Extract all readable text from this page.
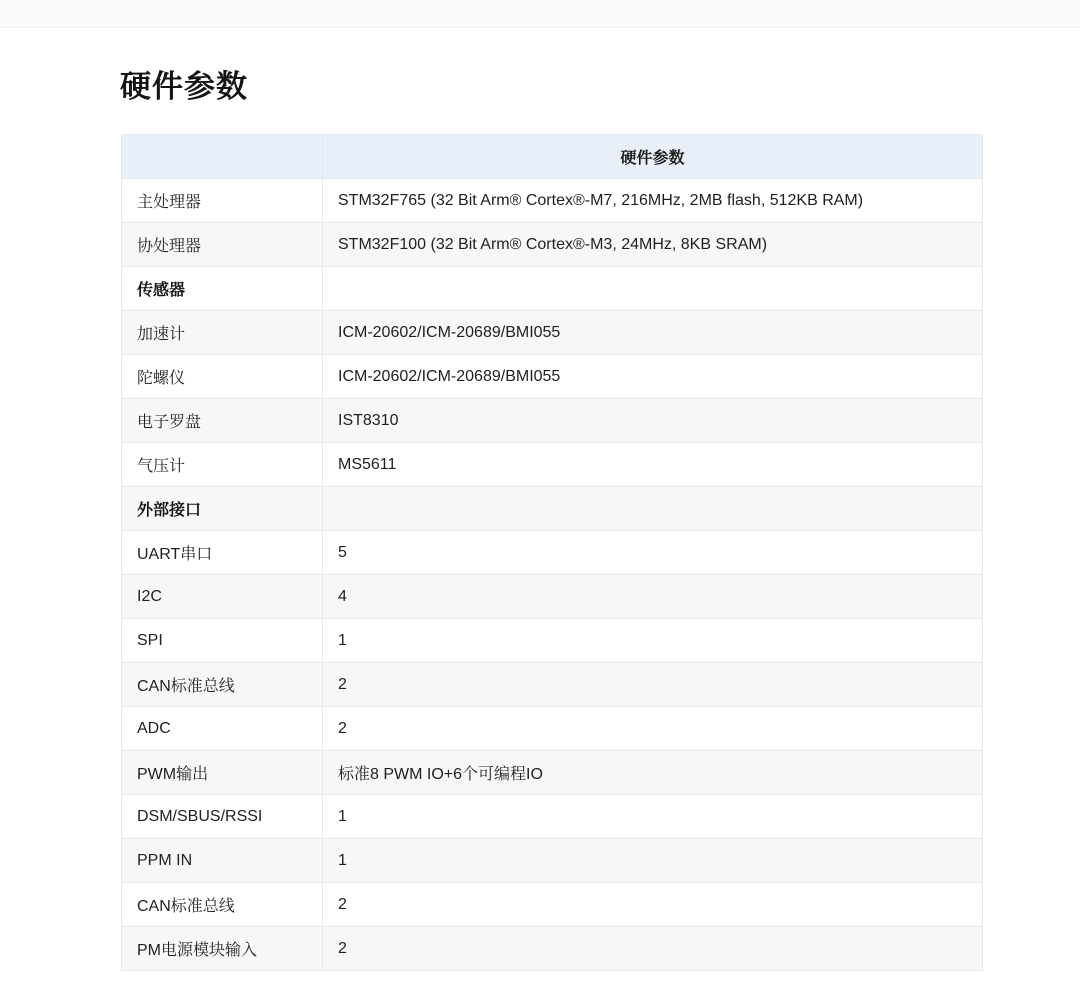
硬件参数
	硬件参数
主处理器	STM32F765 (32 Bit Arm® Cortex®-M7, 216MHz, 2MB flash, 512KB RAM)
协处理器	STM32F100 (32 Bit Arm® Cortex®-M3, 24MHz, 8KB SRAM)
传感器	
加速计	ICM-20602/ICM-20689/BMI055
陀螺仪	ICM-20602/ICM-20689/BMI055
电子罗盘	IST8310
气压计	MS5611
外部接口	
UART串口	5
I2C	4
SPI	1
CAN标准总线	2
ADC	2
PWM输出	标准8 PWM IO+6个可编程IO
DSM/SBUS/RSSI	1
PPM IN	1
CAN标准总线	2
PM电源模块输入	2
